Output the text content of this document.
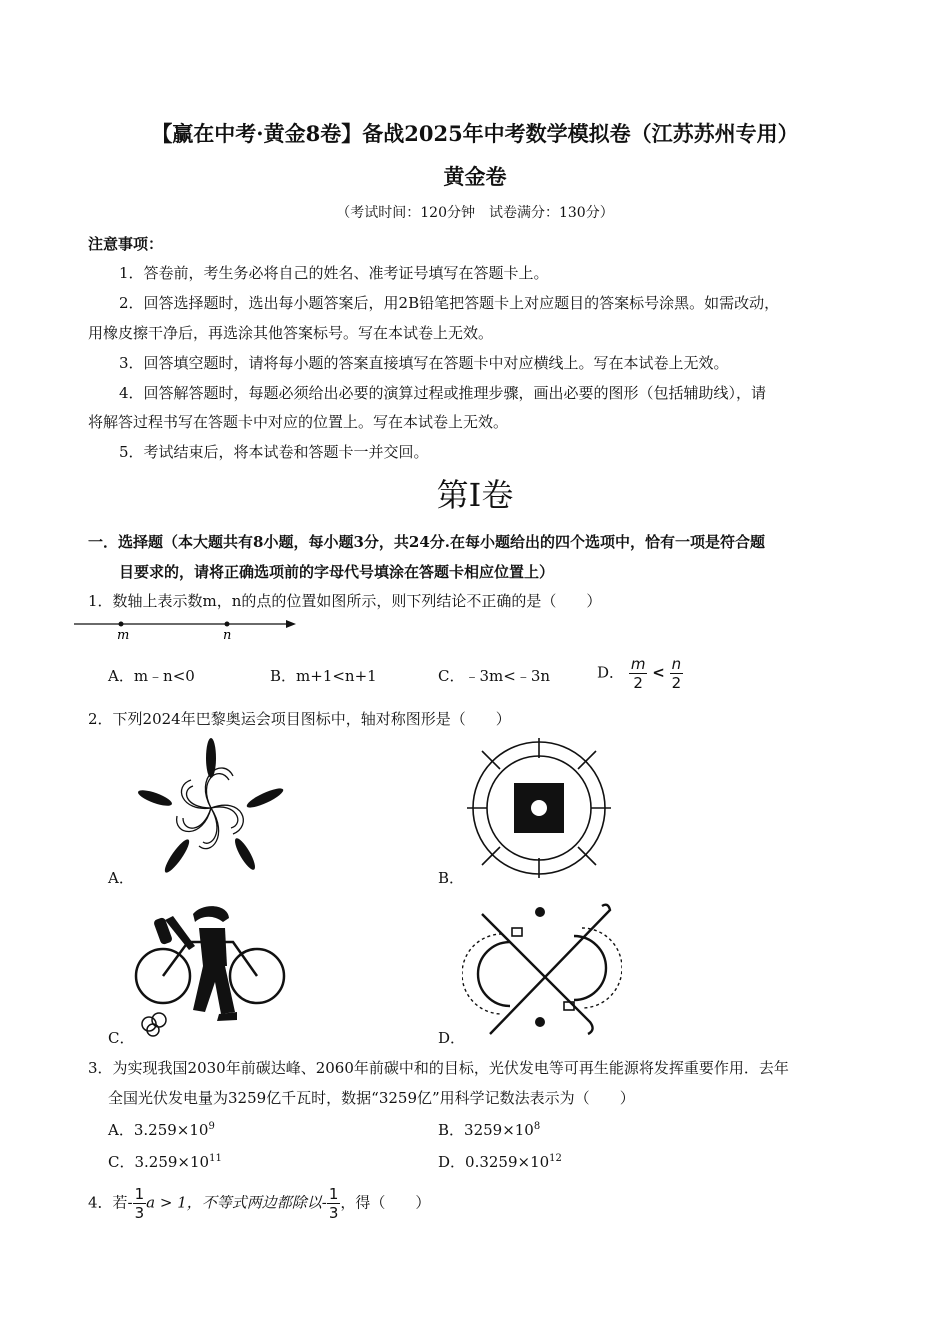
【赢在中考·黄金8卷】备战2025年中考数学模拟卷（江苏苏州专用）
黄金卷
（考试时间：120分钟　试卷满分：130分）
注意事项：
1．答卷前，考生务必将自己的姓名、准考证号填写在答题卡上。
2．回答选择题时，选出每小题答案后，用2B铅笔把答题卡上对应题目的答案标号涂黑。如需改动，
用橡皮擦干净后，再选涂其他答案标号。写在本试卷上无效。
3．回答填空题时，请将每小题的答案直接填写在答题卡中对应横线上。写在本试卷上无效。
4．回答解答题时，每题必须给出必要的演算过程或推理步骤，画出必要的图形（包括辅助线），请
将解答过程书写在答题卡中对应的位置上。写在本试卷上无效。
5．考试结束后，将本试卷和答题卡一并交回。
第Ⅰ卷
一．选择题（本大题共有8小题，每小题3分，共24分.在每小题给出的四个选项中，恰有一项是符合题
目要求的，请将正确选项前的字母代号填涂在答题卡相应位置上）
1．数轴上表示数m，n的点的位置如图所示，则下列结论不正确的是（　　）
m	n
A．m﹣n<0	B．m+1<n+1	C．﹣3m<﹣3n	D． $\frac{m}{2} < \frac{n}{2}$
2．下列2024年巴黎奥运会项目图标中，轴对称图形是（　　）
A．	B．
C．	D．
3．为实现我国2030年前碳达峰、2060年前碳中和的目标，光伏发电等可再生能源将发挥重要作用．去年
全国光伏发电量为3259亿千瓦时，数据“3259亿”用科学记数法表示为（　　）
A．$3.259\times 10^9$	B．$3259\times 10^8$
C．$3.259\times 10^{11}$	D．$0.3259\times 10^{12}$
4．若- $\frac{1}{3}$ a > 1，不等式两边都除以- $\frac{1}{3}$ ，得（　　）
